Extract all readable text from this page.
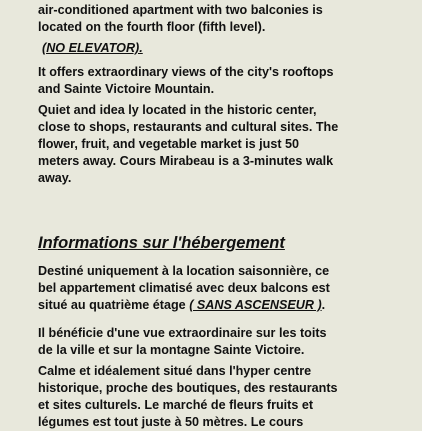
air-conditioned apartment with two balconies is
located on the fourth floor (fifth level).

(NO ELEVATOR).

It offers extraordinary views of the city's rooftops
and Sainte Victoire Mountain.

Quiet and idea ly located in the historic center,
close to shops, restaurants and cultural sites. The
flower, fruit, and vegetable market is just 50
meters away. Cours Mirabeau is a 3-minutes walk
away.

Informations sur l'hébergement

Destiné uniquement à la location saisonnière, ce
bel appartement climatisé avec deux balcons est
situé au quatrième étage ( SANS ASCENSEUR ).

Il bénéficie d'une vue extraordinaire sur les toits
de la ville et sur la montagne Sainte Victoire.

Calme et idéalement situé dans l'hyper centre
historique, proche des boutiques, des restaurants
et sites culturels. Le marché de fleurs fruits et
légumes est tout juste à 50 mètres. Le cours
